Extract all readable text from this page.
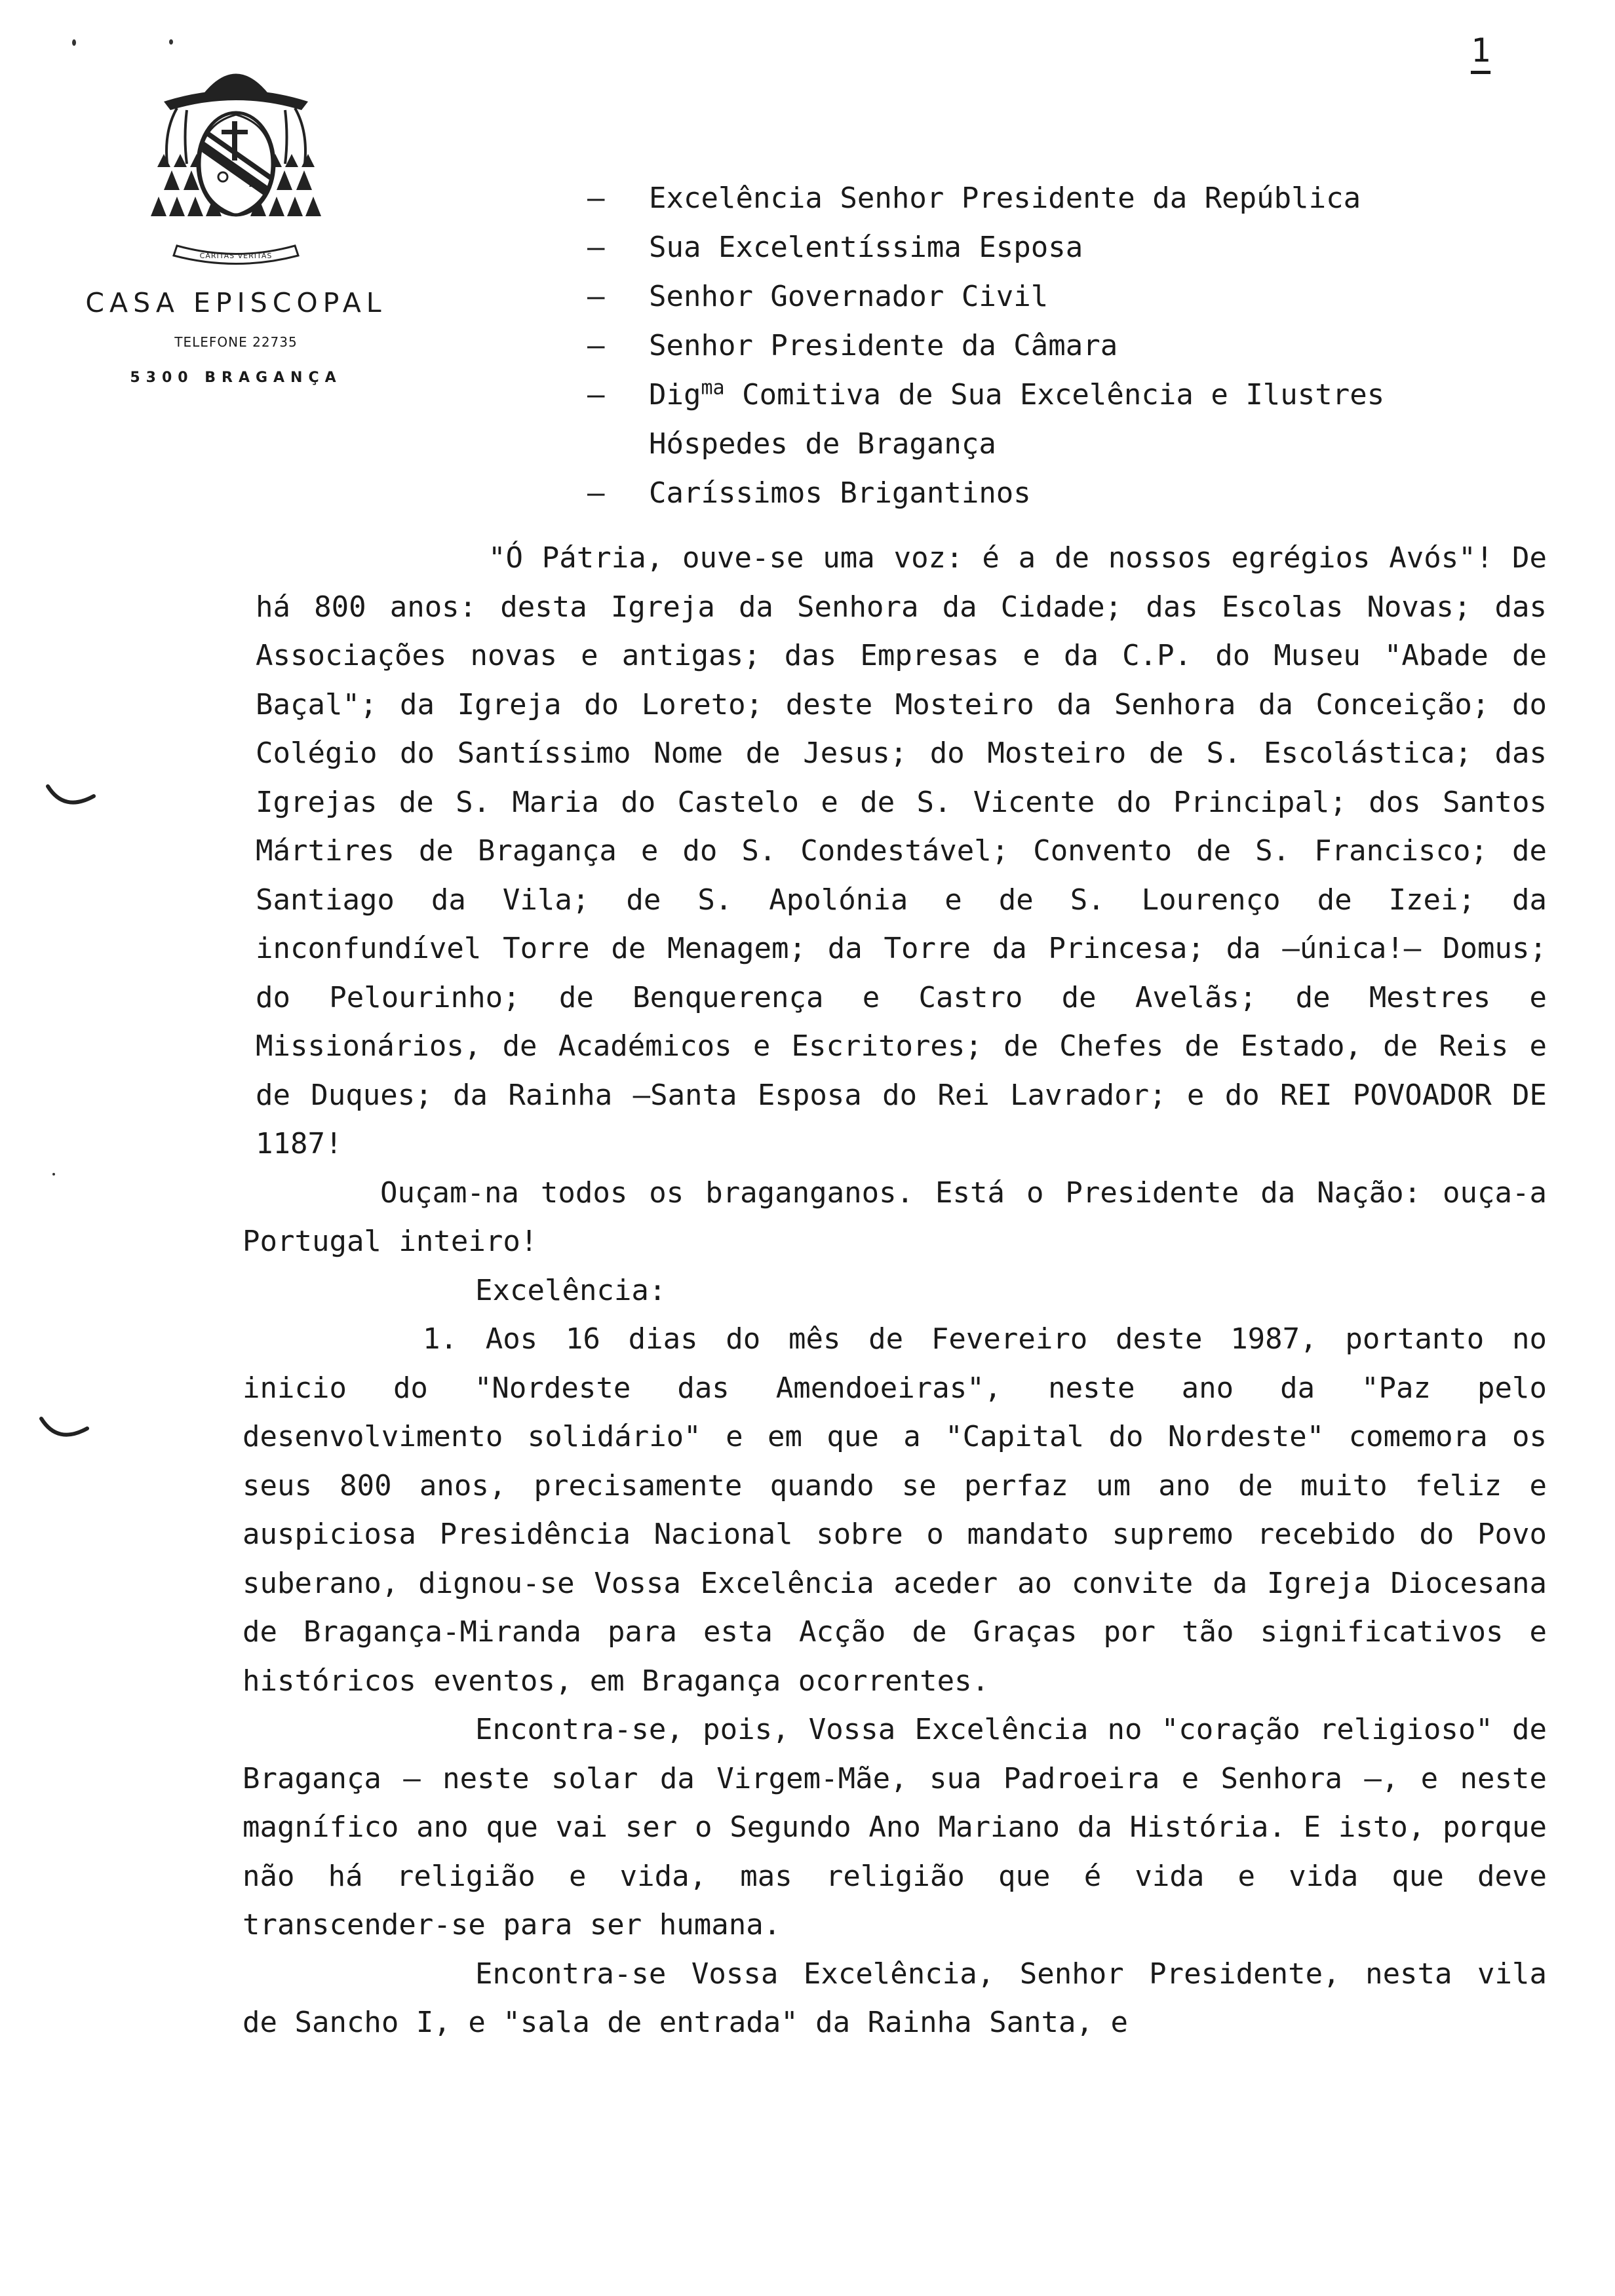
1
CARITAS VERITAS
CASA EPISCOPAL
TELEFONE 22735
5300 BRAGANÇA
—	Excelência Senhor Presidente da República
—	Sua Excelentíssima Esposa
—	Senhor Governador Civil
—	Senhor Presidente da Câmara
—	Dig$^{ma}$ Comitiva de Sua Excelência e Ilustres
Hóspedes de Bragança
—	Caríssimos Brigantinos

"Ó Pátria, ouve-se uma voz: é a de nossos egrégios Avós"! De há 800 anos: desta Igreja da Senhora da Cidade; das Escolas Novas; das Associações novas e antigas; das Empresas e da C.P. do Museu "Abade de Baçal"; da Igreja do Loreto; deste Mosteiro da Senhora da Conceição; do Colégio do Santíssimo Nome de Jesus; do Mosteiro de S. Escolástica; das Igrejas de S. Maria do Castelo e de S. Vicente do Principal; dos Santos Mártires de Bragança e do S. Condestável; Convento de S. Francisco; de Santiago da Vila; de S. Apolónia e de S. Lourenço de Izei; da inconfundível Torre de Menagem; da Torre da Princesa; da —única!— Domus; do Pelourinho; de Benquerença e Castro de Avelãs; de Mestres e Missionários, de Académicos e Escritores; de Chefes de Estado, de Reis e de Duques; da Rainha —Santa Esposa do Rei Lavrador; e do REI POVOADOR DE 1187!

Ouçam-na todos os braganganos. Está o Presidente da Nação: ouça-a Portugal inteiro!

Excelência:

1. Aos 16 dias do mês de Fevereiro deste 1987, portanto no inicio do "Nordeste das Amendoeiras", neste ano da "Paz pelo desenvolvimento solidário" e em que a "Capital do Nordeste" comemora os seus 800 anos, precisamente quando se perfaz um ano de muito feliz e auspiciosa Presidência Nacional sobre o mandato supremo recebido do Povo suberano, dignou-se Vossa Excelência aceder ao convite da Igreja Diocesana de Bragança-Miranda para esta Acção de Graças por tão significativos e históricos eventos, em Bragança ocorrentes.

Encontra-se, pois, Vossa Excelência no "coração religioso" de Bragança — neste solar da Virgem-Mãe, sua Padroeira e Senhora —, e neste magnífico ano que vai ser o Segundo Ano Mariano da História. E isto, porque não há religião e vida, mas religião que é vida e vida que deve transcender-se para ser humana.

Encontra-se Vossa Excelência, Senhor Presidente, nesta vila de Sancho I, e "sala de entrada" da Rainha Santa, e
